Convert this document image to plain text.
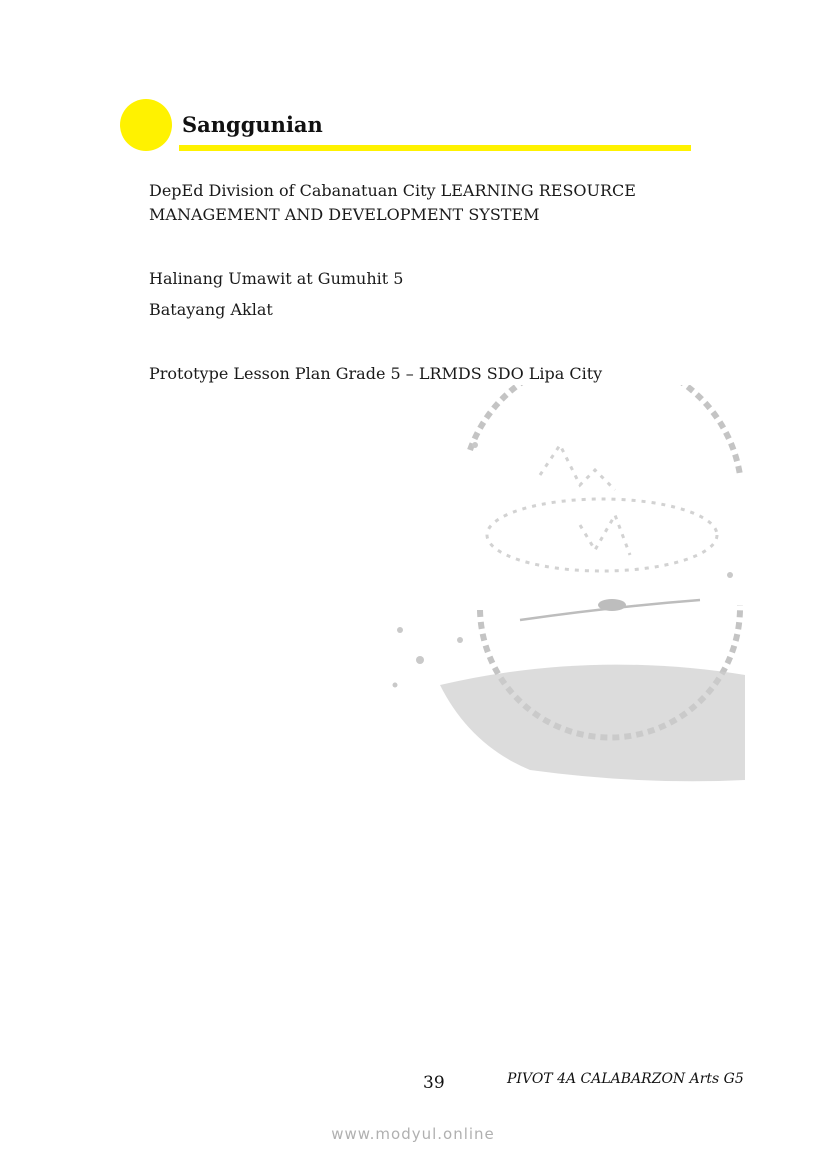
Sanggunian
DepEd Division of Cabanatuan City LEARNING RESOURCE
MANAGEMENT AND DEVELOPMENT SYSTEM
Halinang Umawit at Gumuhit 5
Batayang Aklat
Prototype Lesson Plan Grade 5 – LRMDS SDO Lipa City
39	PIVOT 4A CALABARZON Arts G5
www.modyul.online
